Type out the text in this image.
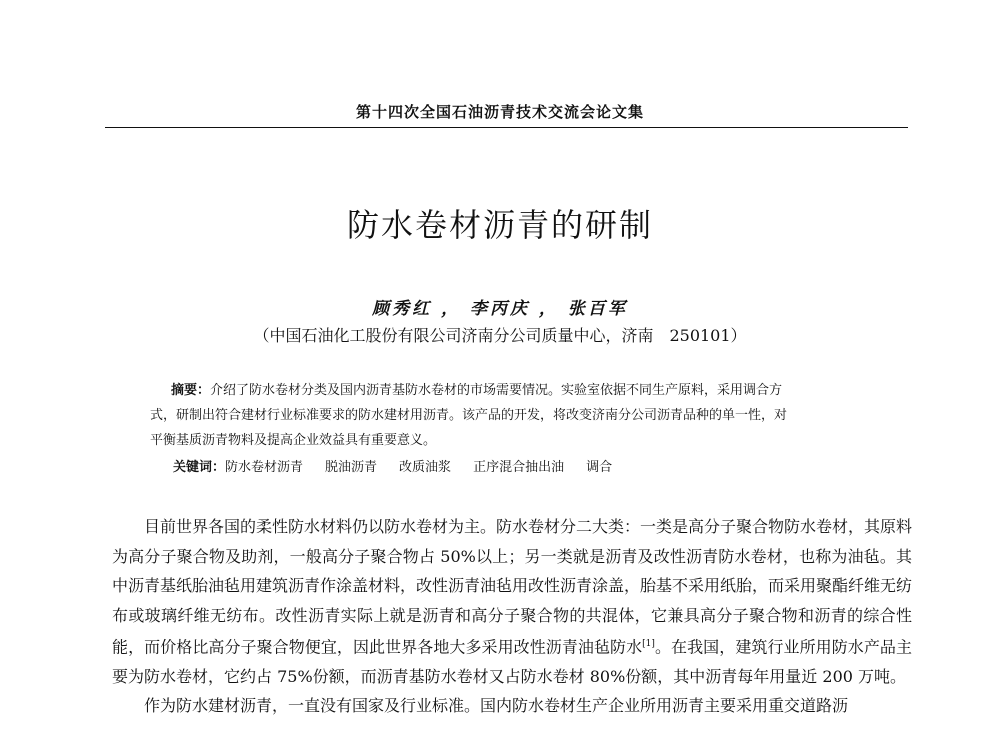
第十四次全国石油沥青技术交流会论文集
防水卷材沥青的研制
顾秀红 ， 李丙庆 ， 张百军
（中国石油化工股份有限公司济南分公司质量中心，济南　250101）
摘要：介绍了防水卷材分类及国内沥青基防水卷材的市场需要情况。实验室依据不同生产原料，采用调合方
式，研制出符合建材行业标准要求的防水建材用沥青。该产品的开发，将改变济南分公司沥青品种的单一性，对
平衡基质沥青物料及提高企业效益具有重要意义。
关键词：防水卷材沥青 脱油沥青 改质油浆 正序混合抽出油 调合

目前世界各国的柔性防水材料仍以防水卷材为主。防水卷材分二大类：一类是高分子聚合物防水卷材，其原料为高分子聚合物及助剂，一般高分子聚合物占 50%以上；另一类就是沥青及改性沥青防水卷材，也称为油毡。其中沥青基纸胎油毡用建筑沥青作涂盖材料，改性沥青油毡用改性沥青涂盖，胎基不采用纸胎，而采用聚酯纤维无纺布或玻璃纤维无纺布。改性沥青实际上就是沥青和高分子聚合物的共混体，它兼具高分子聚合物和沥青的综合性能，而价格比高分子聚合物便宜，因此世界各地大多采用改性沥青油毡防水[1]。在我国，建筑行业所用防水产品主要为防水卷材，它约占 75%份额，而沥青基防水卷材又占防水卷材 80%份额，其中沥青每年用量近 200 万吨。

作为防水建材沥青，一直没有国家及行业标准。国内防水卷材生产企业所用沥青主要采用重交道路沥
